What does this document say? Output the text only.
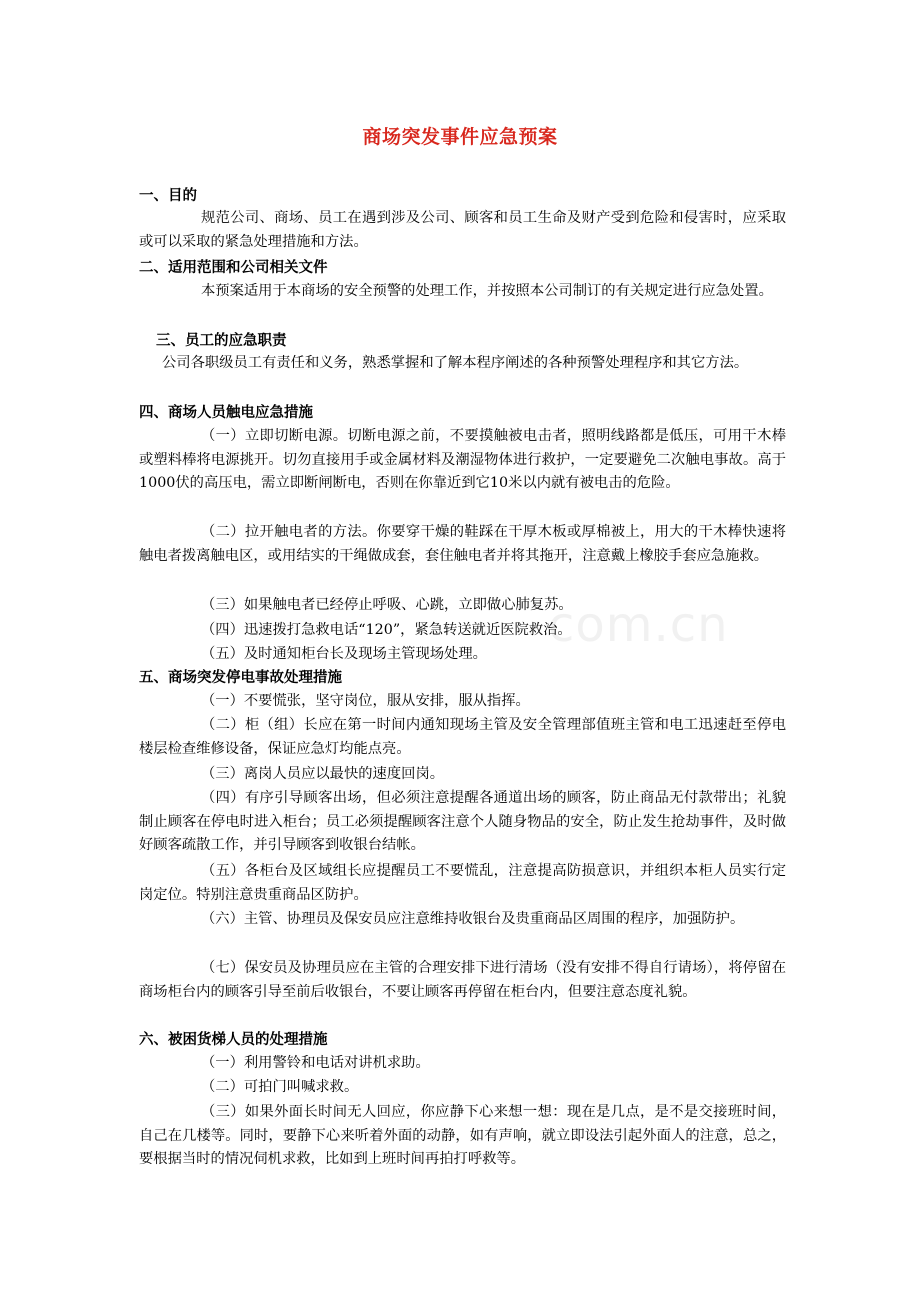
com.cn
商场突发事件应急预案
一、目的
规范公司、商场、员工在遇到涉及公司、顾客和员工生命及财产受到危险和侵害时，应采取或可以采取的紧急处理措施和方法。
二、适用范围和公司相关文件
本预案适用于本商场的安全预警的处理工作，并按照本公司制订的有关规定进行应急处置。
三、员工的应急职责
公司各职级员工有责任和义务，熟悉掌握和了解本程序阐述的各种预警处理程序和其它方法。
四、商场人员触电应急措施
（一）立即切断电源。切断电源之前，不要摸触被电击者，照明线路都是低压，可用干木棒或塑料棒将电源挑开。切勿直接用手或金属材料及潮湿物体进行救护，一定要避免二次触电事故。高于1000伏的高压电，需立即断闸断电，否则在你靠近到它10米以内就有被电击的危险。
（二）拉开触电者的方法。你要穿干燥的鞋踩在干厚木板或厚棉被上，用大的干木棒快速将触电者拨离触电区，或用结实的干绳做成套，套住触电者并将其拖开，注意戴上橡胶手套应急施救。
（三）如果触电者已经停止呼吸、心跳，立即做心肺复苏。
（四）迅速拨打急救电话“120”，紧急转送就近医院救治。
（五）及时通知柜台长及现场主管现场处理。
五、商场突发停电事故处理措施
（一）不要慌张，坚守岗位，服从安排，服从指挥。
（二）柜（组）长应在第一时间内通知现场主管及安全管理部值班主管和电工迅速赶至停电楼层检查维修设备，保证应急灯均能点亮。
（三）离岗人员应以最快的速度回岗。
（四）有序引导顾客出场，但必须注意提醒各通道出场的顾客，防止商品无付款带出；礼貌制止顾客在停电时进入柜台；员工必须提醒顾客注意个人随身物品的安全，防止发生抢劫事件，及时做好顾客疏散工作，并引导顾客到收银台结帐。
（五）各柜台及区域组长应提醒员工不要慌乱，注意提高防损意识，并组织本柜人员实行定岗定位。特别注意贵重商品区防护。
（六）主管、协理员及保安员应注意维持收银台及贵重商品区周围的程序，加强防护。
（七）保安员及协理员应在主管的合理安排下进行清场（没有安排不得自行请场），将停留在商场柜台内的顾客引导至前后收银台，不要让顾客再停留在柜台内，但要注意态度礼貌。
六、被困货梯人员的处理措施
（一）利用警铃和电话对讲机求助。
（二）可拍门叫喊求救。
（三）如果外面长时间无人回应，你应静下心来想一想：现在是几点，是不是交接班时间，自己在几楼等。同时，要静下心来听着外面的动静，如有声响，就立即设法引起外面人的注意，总之，要根据当时的情况伺机求救，比如到上班时间再拍打呼救等。
